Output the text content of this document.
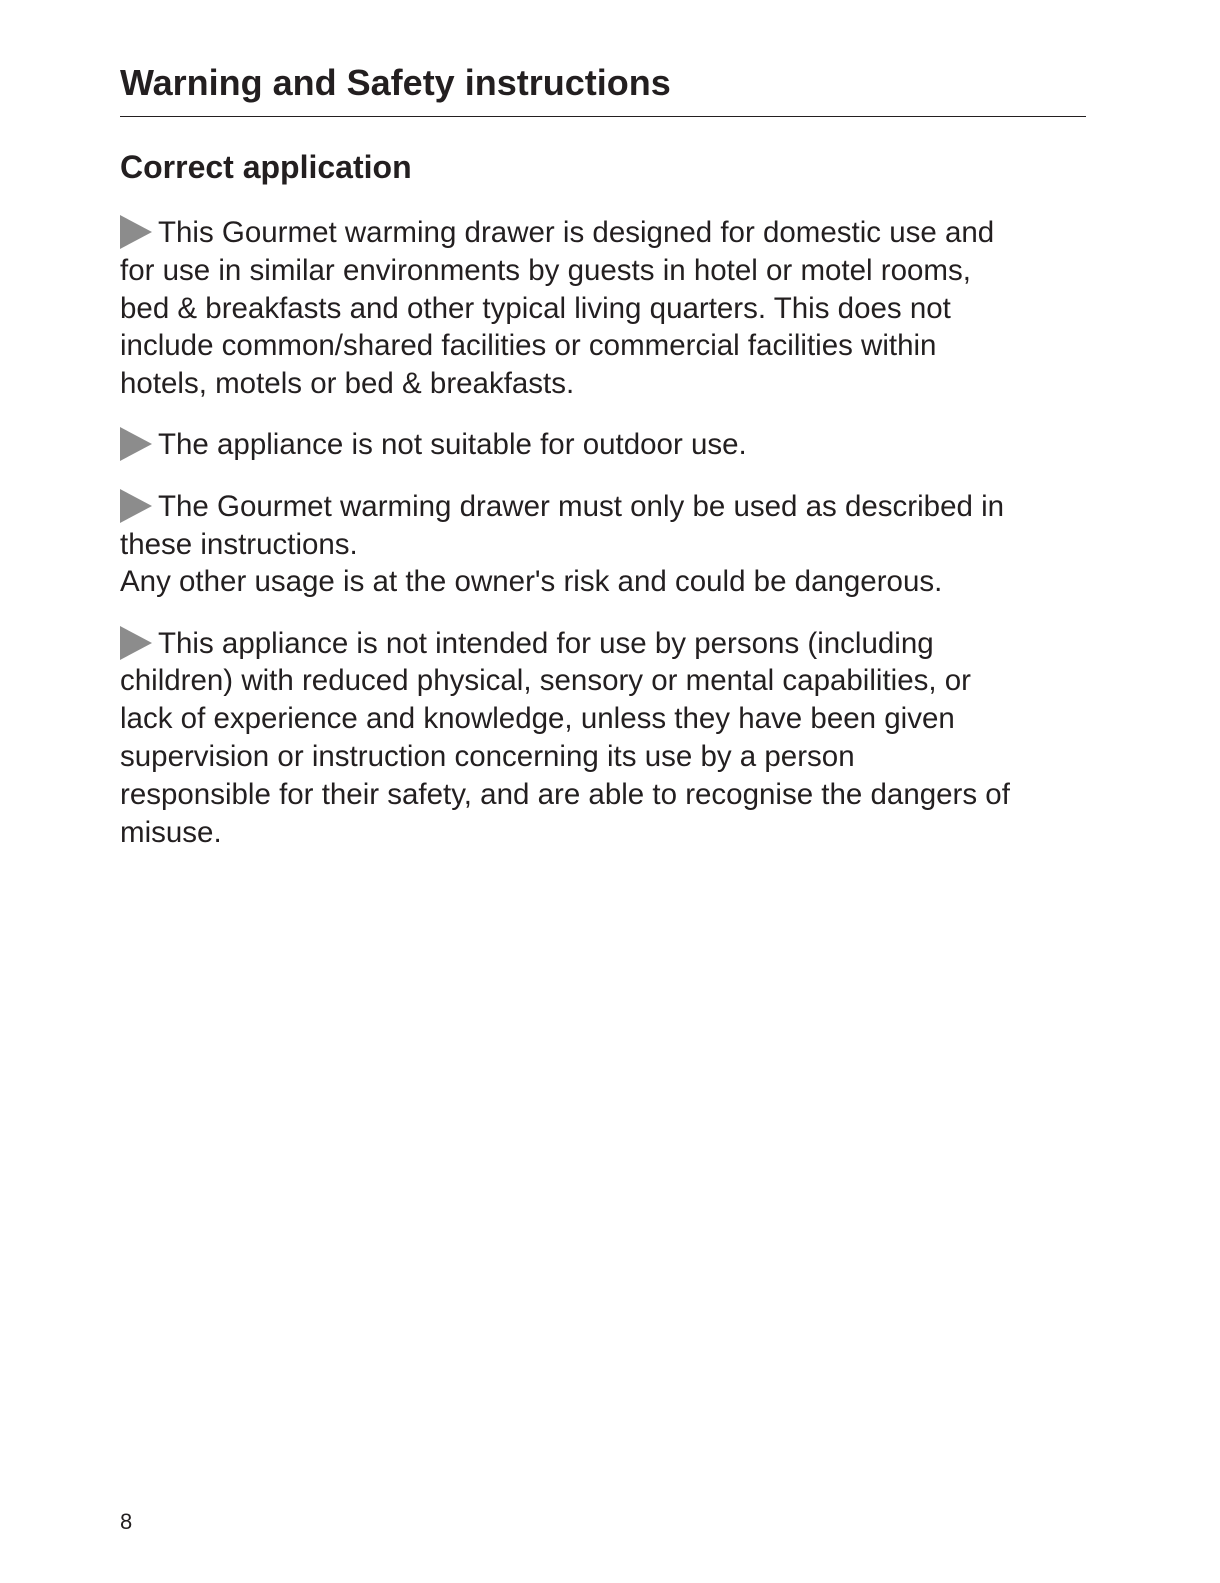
Warning and Safety instructions
Correct application

This Gourmet warming drawer is designed for domestic use and
for use in similar environments by guests in hotel or motel rooms,
bed & breakfasts and other typical living quarters. This does not
include common/shared facilities or commercial facilities within
hotels, motels or bed & breakfasts.

The appliance is not suitable for outdoor use.

The Gourmet warming drawer must only be used as described in
these instructions.
Any other usage is at the owner's risk and could be dangerous.

This appliance is not intended for use by persons (including
children) with reduced physical, sensory or mental capabilities, or
lack of experience and knowledge, unless they have been given
supervision or instruction concerning its use by a person
responsible for their safety, and are able to recognise the dangers of
misuse.

8
